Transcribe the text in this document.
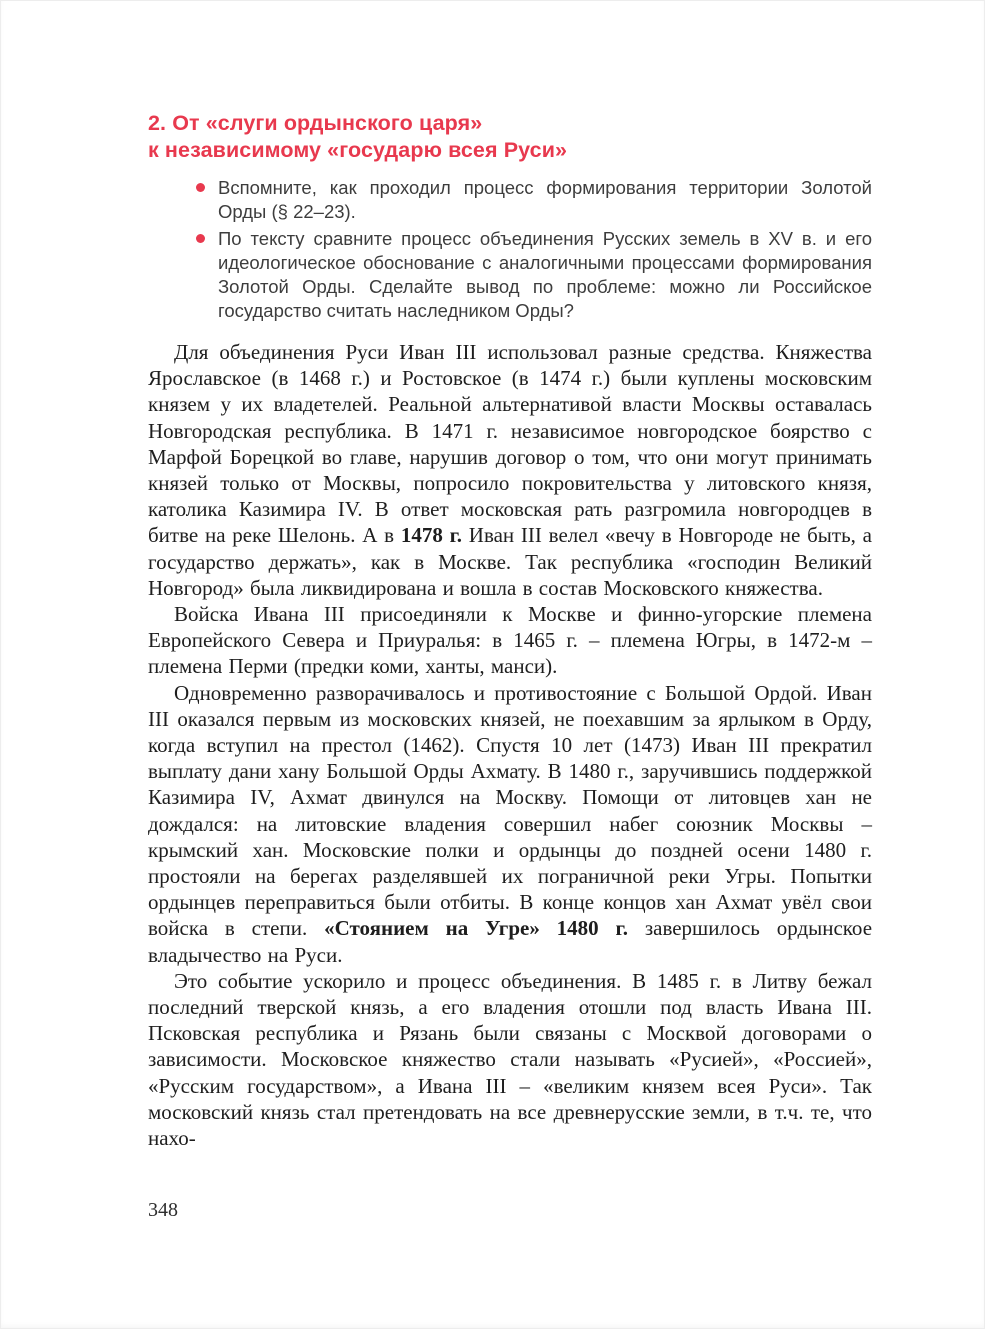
2. От «слуги ордынского царя»
к независимому «государю всея Руси»
Вспомните, как проходил процесс формирования территории Золотой Орды (§ 22–23).
По тексту сравните процесс объединения Русских земель в XV в. и его идеологическое обоснование с аналогичными процессами формирования Золотой Орды. Сделайте вывод по проблеме: можно ли Российское государство считать наследником Орды?

Для объединения Руси Иван III использовал разные средства. Княжества Ярославское (в 1468 г.) и Ростовское (в 1474 г.) были куплены московским князем у их владетелей. Реальной альтернативой власти Москвы оставалась Новгородская республика. В 1471 г. независимое новгородское боярство с Марфой Борецкой во главе, нарушив договор о том, что они могут принимать князей только от Москвы, попросило покровительства у литовского князя, католика Казимира IV. В ответ московская рать разгромила новгородцев в битве на реке Шелонь. А в 1478 г. Иван III велел «вечу в Новгороде не быть, а государство держать», как в Москве. Так республика «господин Великий Новгород» была ликвидирована и вошла в состав Московского княжества.

Войска Ивана III присоединяли к Москве и финно-угорские племена Европейского Севера и Приуралья: в 1465 г. – племена Югры, в 1472-м – племена Перми (предки коми, ханты, манси).

Одновременно разворачивалось и противостояние с Большой Ордой. Иван III оказался первым из московских князей, не поехавшим за ярлыком в Орду, когда вступил на престол (1462). Спустя 10 лет (1473) Иван III прекратил выплату дани хану Большой Орды Ахмату. В 1480 г., заручившись поддержкой Казимира IV, Ахмат двинулся на Москву. Помощи от литовцев хан не дождался: на литовские владения совершил набег союзник Москвы – крымский хан. Московские полки и ордынцы до поздней осени 1480 г. простояли на берегах разделявшей их пограничной реки Угры. Попытки ордынцев переправиться были отбиты. В конце концов хан Ахмат увёл свои войска в степи. «Стоянием на Угре» 1480 г. завершилось ордынское владычество на Руси.

Это событие ускорило и процесс объединения. В 1485 г. в Литву бежал последний тверской князь, а его владения отошли под власть Ивана III. Псковская республика и Рязань были связаны с Москвой договорами о зависимости. Московское княжество стали называть «Русией», «Россией», «Русским государством», а Ивана III – «великим князем всея Руси». Так московский князь стал претендовать на все древнерусские земли, в т.ч. те, что нахо-

348
